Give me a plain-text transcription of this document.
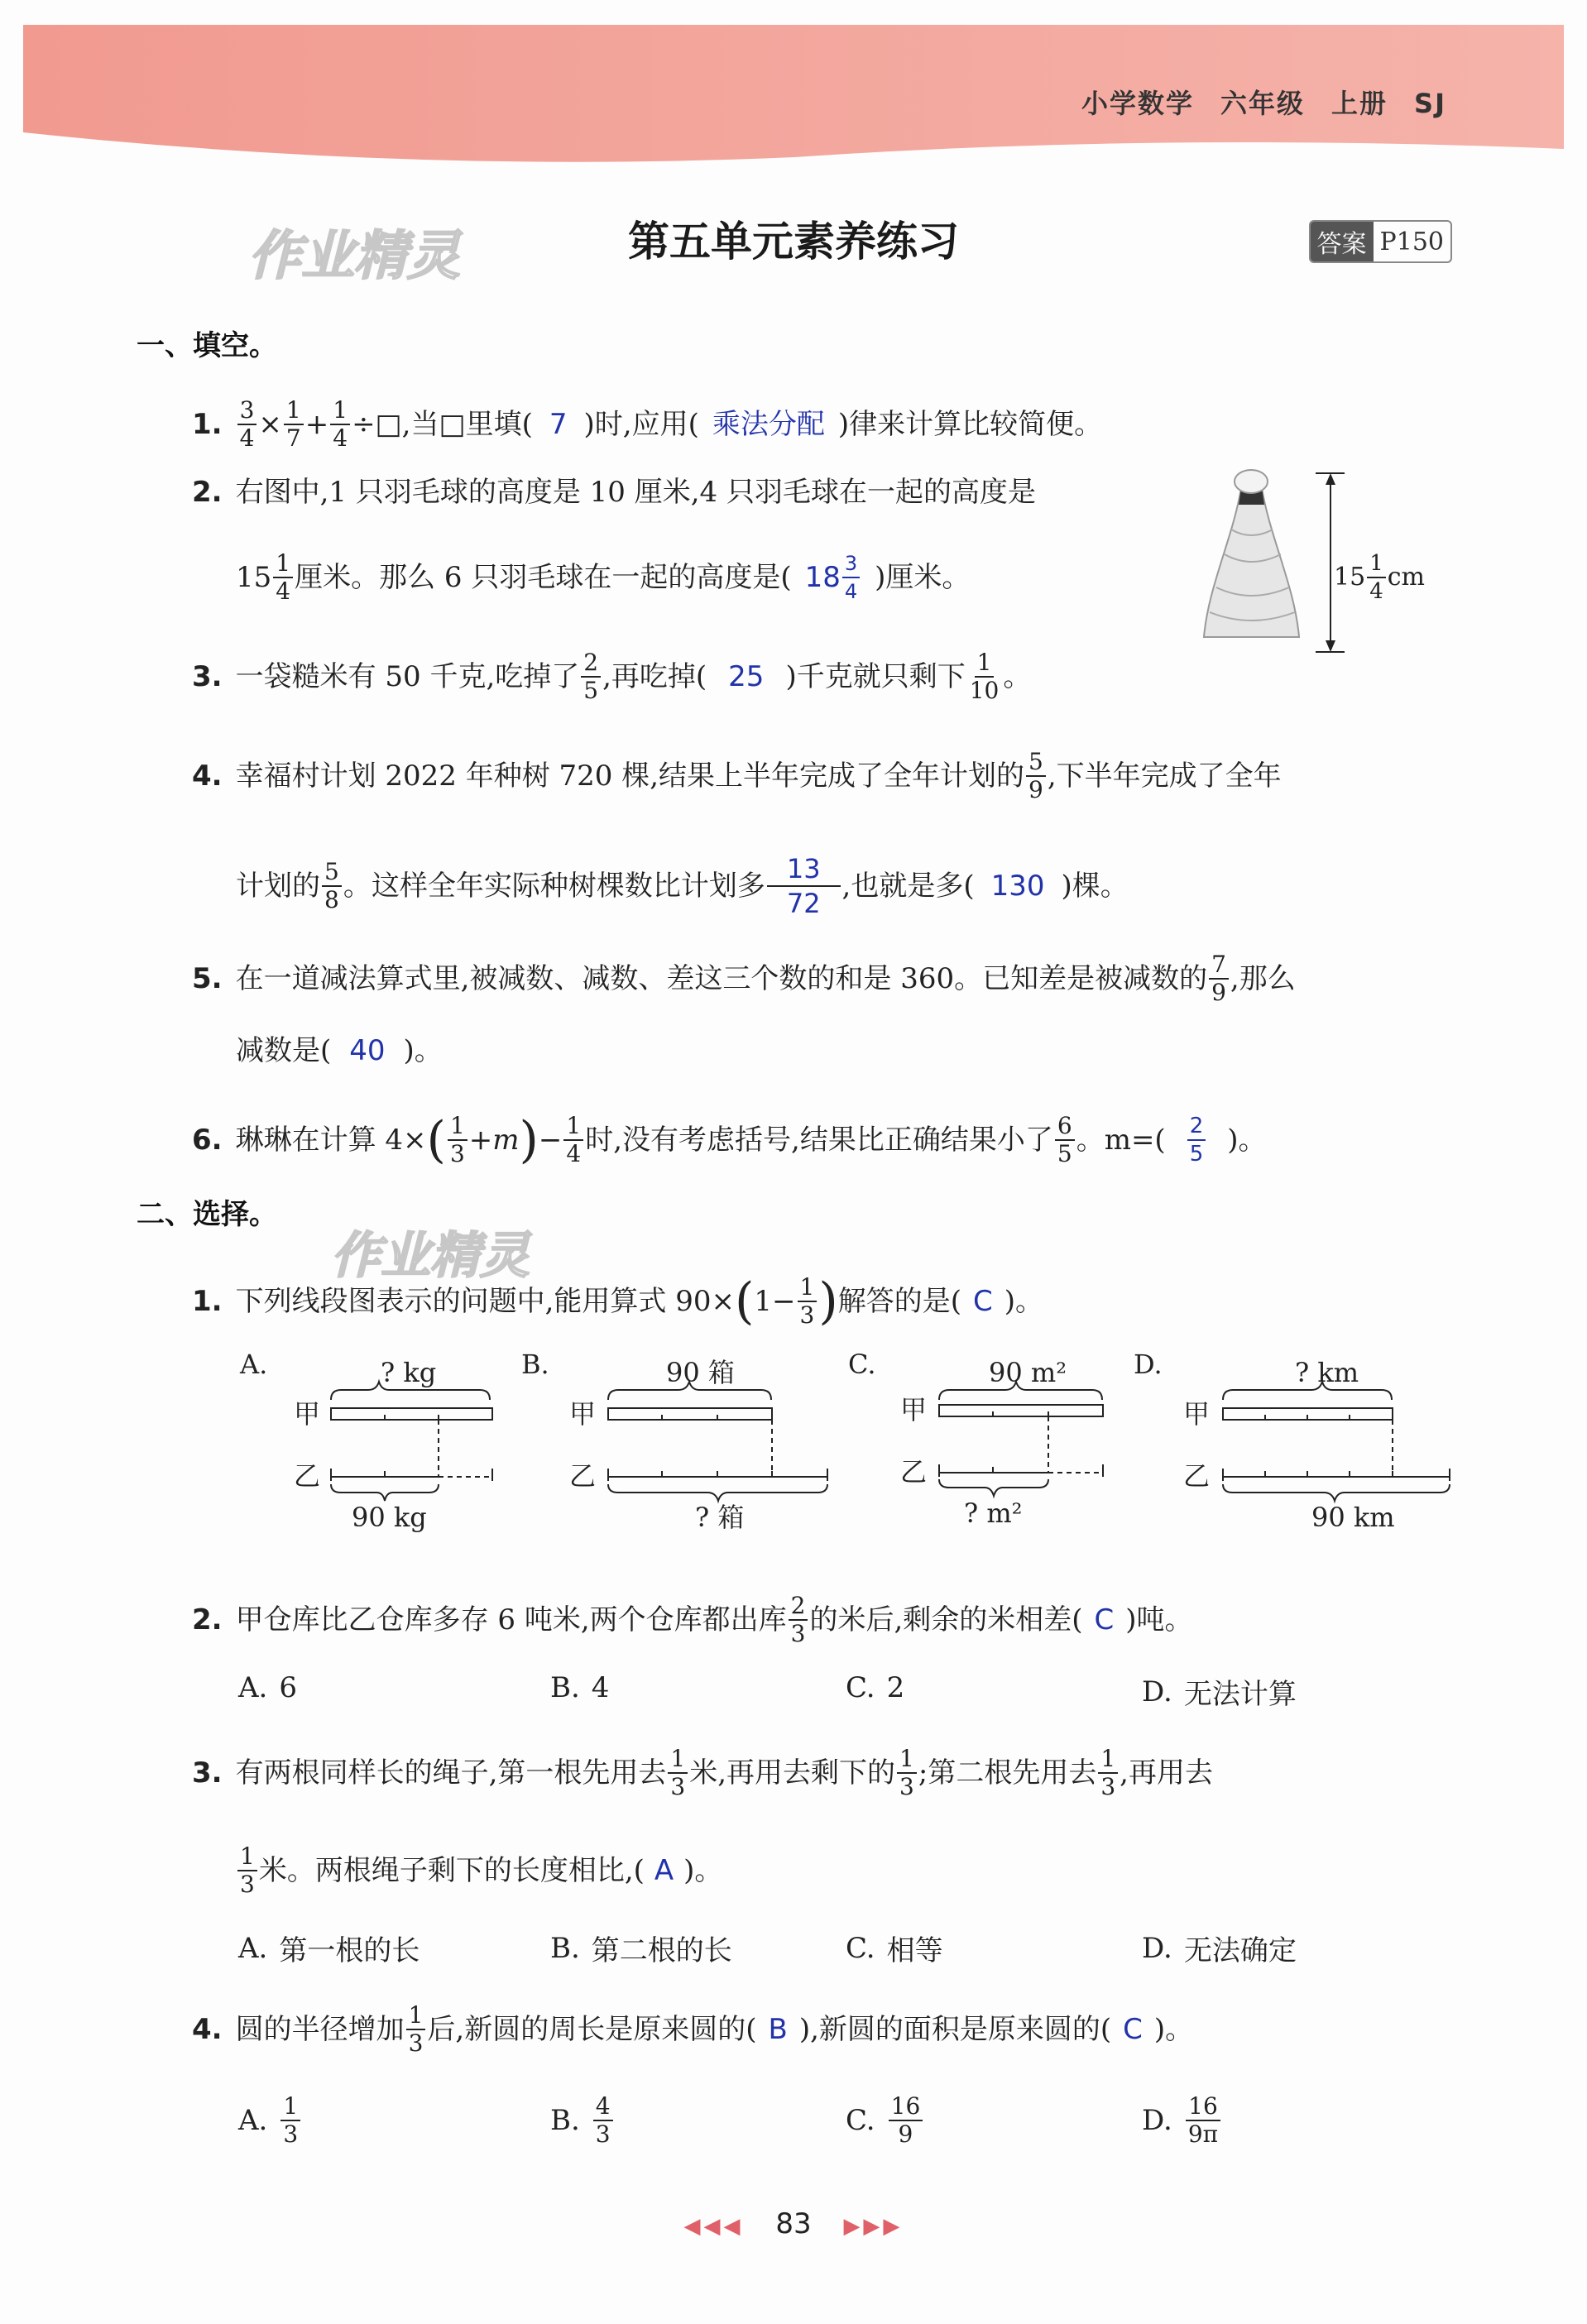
小学数学 六年级 上册 SJ
作业精灵	第五单元素养练习	答案 P150
一、填空。
1. $\frac{3}{4} \times \frac{1}{7} + \frac{1}{4}$ ÷□,当□里填( 7 )时,应用( 乘法分配 )律来计算比较简便。
2. 右图中,1 只羽毛球的高度是 10 厘米,4 只羽毛球在一起的高度是
15 1
4 厘米。那么 6 只羽毛球在一起的高度是( 18 3
4 )厘米。	15 1
4 cm
3. 一袋糙米有 50 千克,吃掉了 2
5 ,再吃掉( 25 )千克就只剩下 1
10 。
4. 幸福村计划 2022 年种树 720 棵,结果上半年完成了全年计划的 5
9 ,下半年完成了全年
计划的 5
8 。这样全年实际种树棵数比计划多
13
72
,也就是多( 130 )棵。
5. 在一道减法算式里,被减数、减数、差这三个数的和是 360。已知差是被减数的 7
9 ,那么
减数是( 40 )。
6. 琳琳在计算 4× ( 1
3 +m ) − $\frac{1}{4}$ 时,没有考虑括号,结果比正确结果小了 6
5 。m=( 2
5 )。
二、选择。
作业精灵
1. 下列线段图表示的问题中,能用算式 90× ( $1- \frac{1}{3}$ ) 解答的是( C )。
A.	? kg
甲
乙
90 kg
B.	90 箱
甲
乙
? 箱
C.	90 m²
甲
乙
? m²
D.	? km
甲
乙
90 km
2. 甲仓库比乙仓库多存 6 吨米,两个仓库都出库 2
3 的米后,剩余的米相差( C )吨。
A. 6	B. 4	C. 2	D. 无法计算
3. 有两根同样长的绳子,第一根先用去 1
3 米,再用去剩下的 1
3 ;第二根先用去 1
3 ,再用去
1
3 米。两根绳子剩下的长度相比,( A )。
A. 第一根的长	B. 第二根的长	C. 相等	D. 无法确定
4. 圆的半径增加 1
3 后,新圆的周长是原来圆的( B ),新圆的面积是原来圆的( C )。
A. 1
3	B. 4
3	C. 16
9	D. 16
9π
◀◀◀ 83 ▶▶▶
